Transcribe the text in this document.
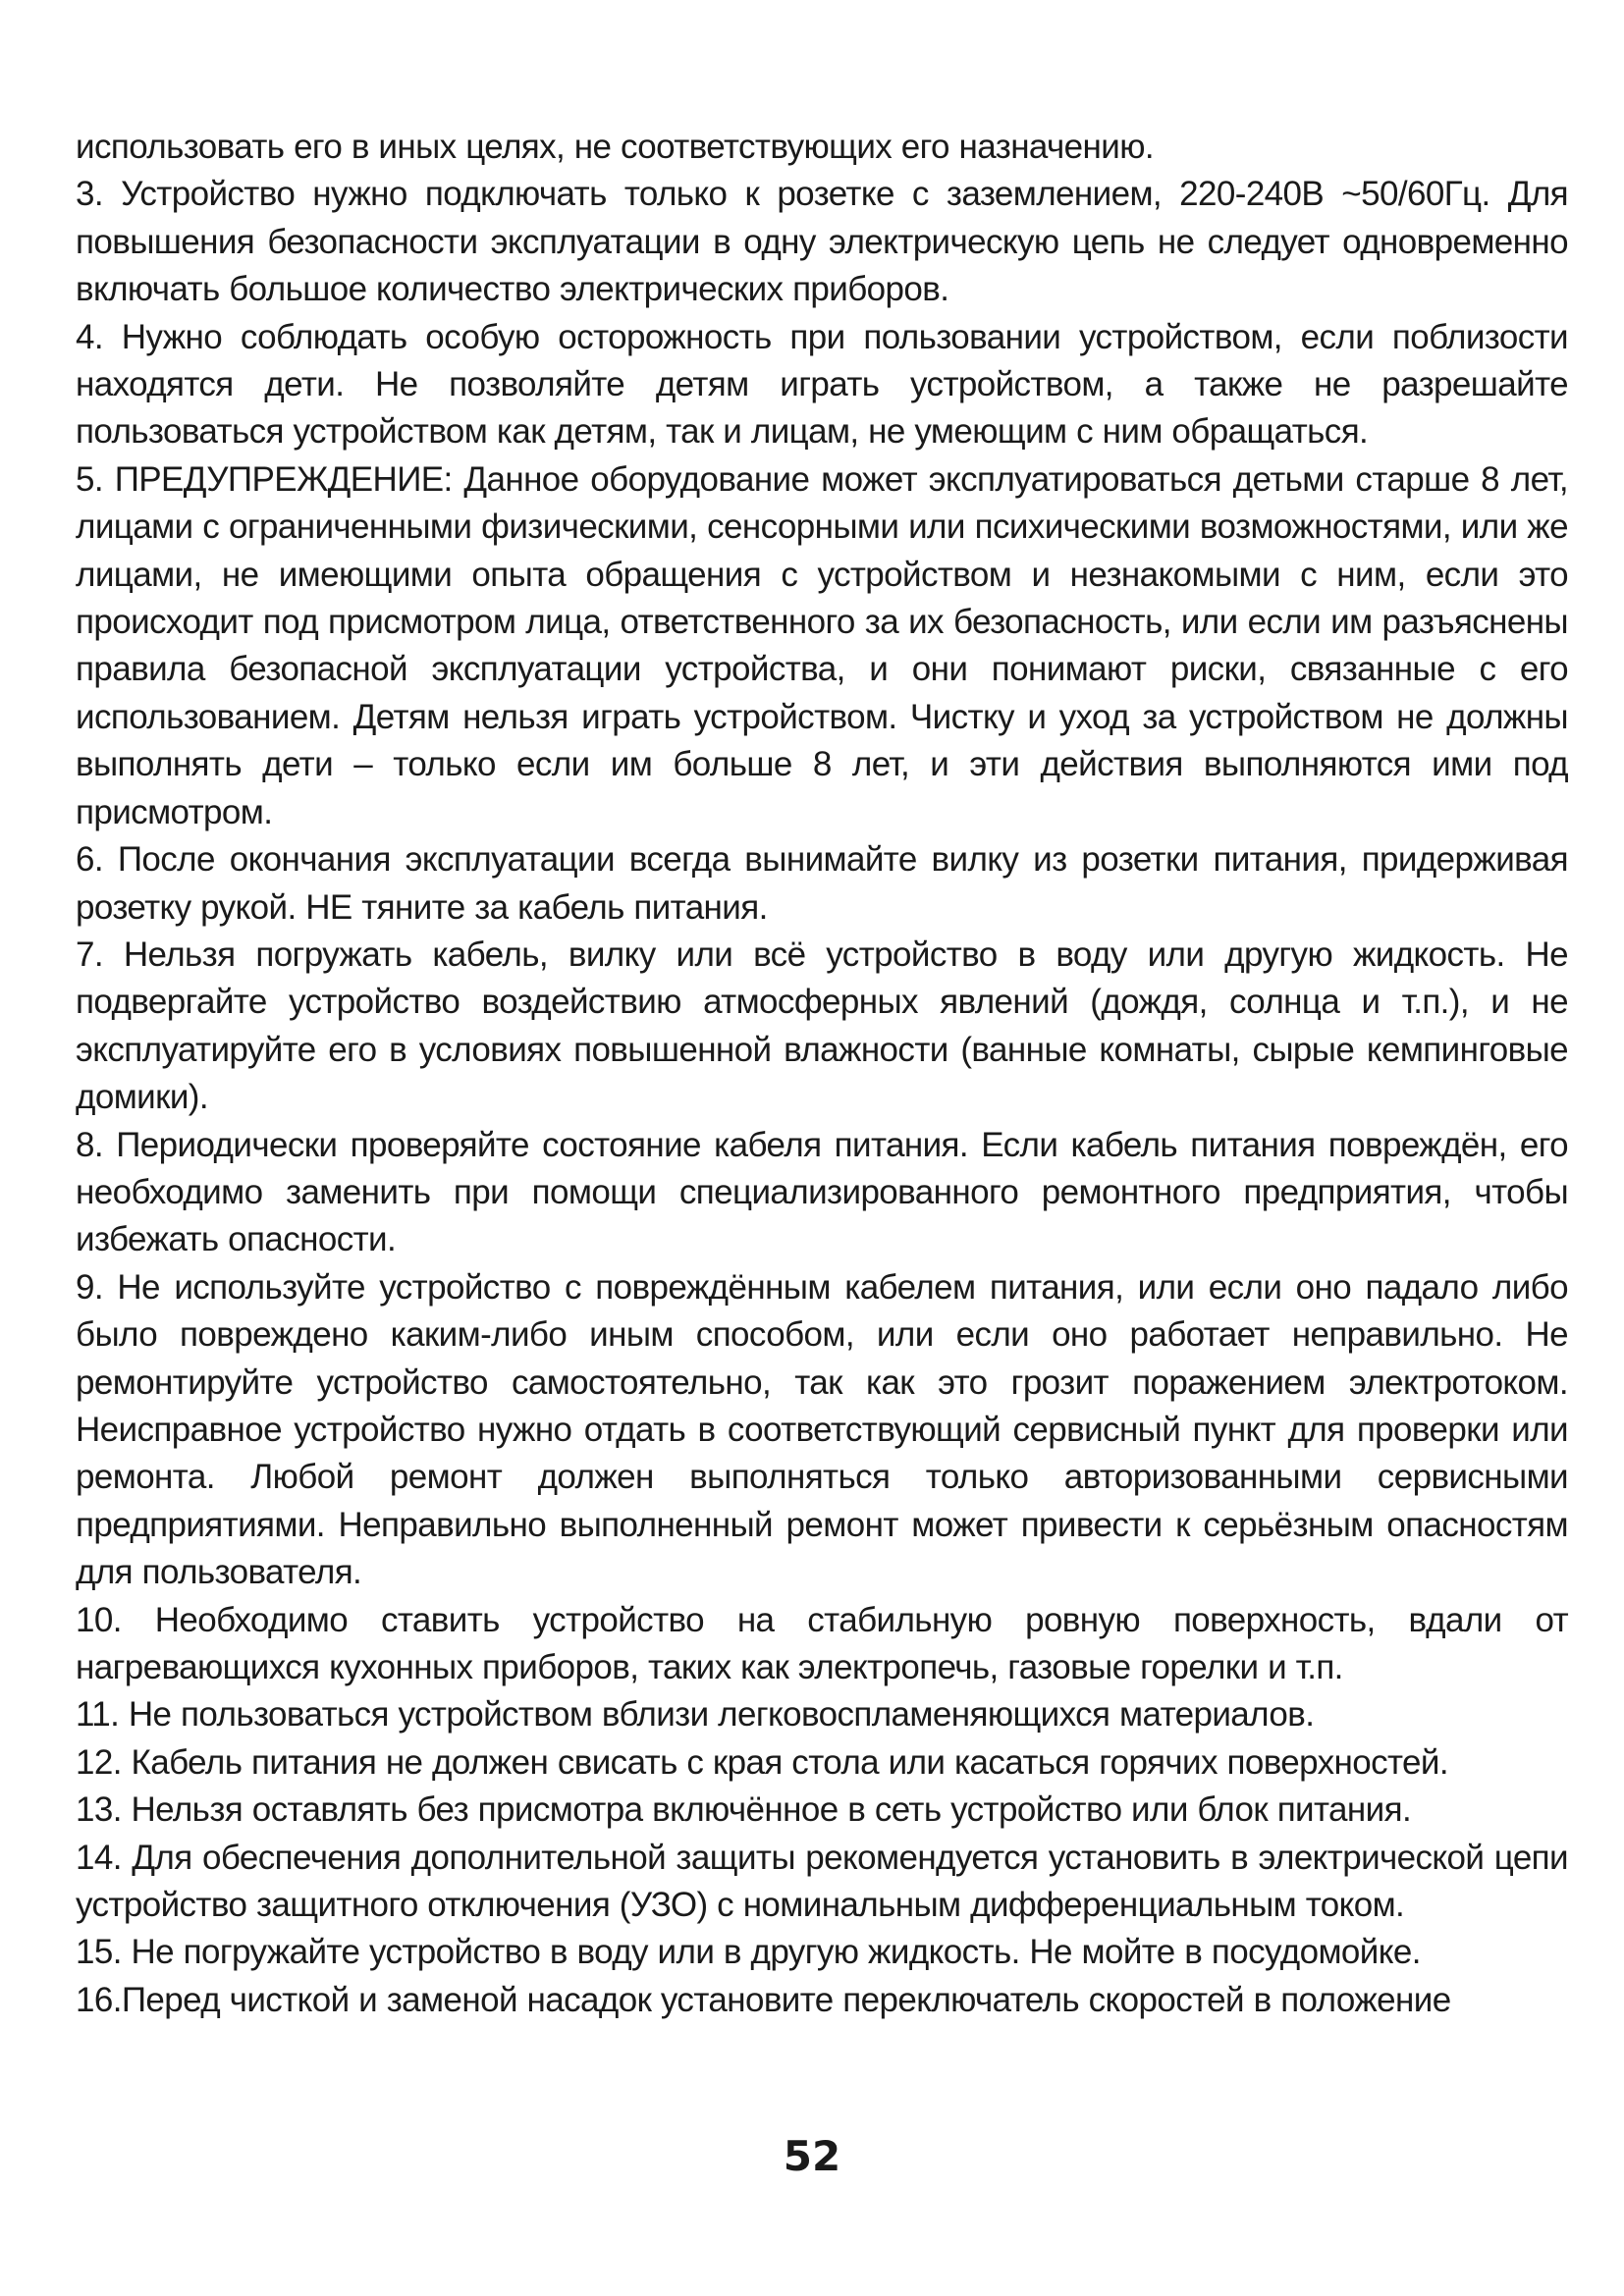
использовать его в иных целях, не соответствующих его назначению.

3. Устройство нужно подключать только к розетке с заземлением, 220-240В ~50/60Гц. Для повышения безопасности эксплуатации в одну электрическую цепь не следует одновременно включать большое количество электрических приборов.

4. Нужно соблюдать особую осторожность при пользовании устройством, если поблизости находятся дети. Не позволяйте детям играть устройством, а также не разрешайте пользоваться устройством как детям, так и лицам, не умеющим с ним обращаться.

5. ПРЕДУПРЕЖДЕНИЕ: Данное оборудование может эксплуатироваться детьми старше 8 лет, лицами с ограниченными физическими, сенсорными или психическими возможностями, или же лицами, не имеющими опыта обращения с устройством и незнакомыми с ним, если это происходит под присмотром лица, ответственного за их безопасность, или если им разъяснены правила безопасной эксплуатации устройства, и они понимают риски, связанные с его использованием. Детям нельзя играть устройством. Чистку и уход за устройством не должны выполнять дети – только если им больше 8 лет, и эти действия выполняются ими под присмотром.

6. После окончания эксплуатации всегда вынимайте вилку из розетки питания, придерживая розетку рукой. НЕ тяните за кабель питания.

7. Нельзя погружать кабель, вилку или всё устройство в воду или другую жидкость. Не подвергайте устройство воздействию атмосферных явлений (дождя, солнца и т.п.), и не эксплуатируйте его в условиях повышенной влажности (ванные комнаты, сырые кемпинговые домики).

8. Периодически проверяйте состояние кабеля питания. Если кабель питания повреждён, его необходимо заменить при помощи специализированного ремонтного предприятия, чтобы избежать опасности.

9. Не используйте устройство с повреждённым кабелем питания, или если оно падало либо было повреждено каким-либо иным способом, или если оно работает неправильно. Не ремонтируйте устройство самостоятельно, так как это грозит поражением электротоком. Неисправное устройство нужно отдать в соответствующий сервисный пункт для проверки или ремонта. Любой ремонт должен выполняться только авторизованными сервисными предприятиями. Неправильно выполненный ремонт может привести к серьёзным опасностям для пользователя.

10. Необходимо ставить устройство на стабильную ровную поверхность, вдали от нагревающихся кухонных приборов, таких как электропечь, газовые горелки и т.п.

11. Не пользоваться устройством вблизи легковоспламеняющихся материалов.

12. Кабель питания не должен свисать с края стола или касаться горячих поверхностей.

13. Нельзя оставлять без присмотра включённое в сеть устройство или блок питания.

14. Для обеспечения дополнительной защиты рекомендуется установить в электрической цепи устройство защитного отключения (УЗО) с номинальным дифференциальным током.

15. Не погружайте устройство в воду или в другую жидкость. Не мойте в посудомойке.

16.Перед чисткой и заменой насадок установите переключатель скоростей в положение

52
